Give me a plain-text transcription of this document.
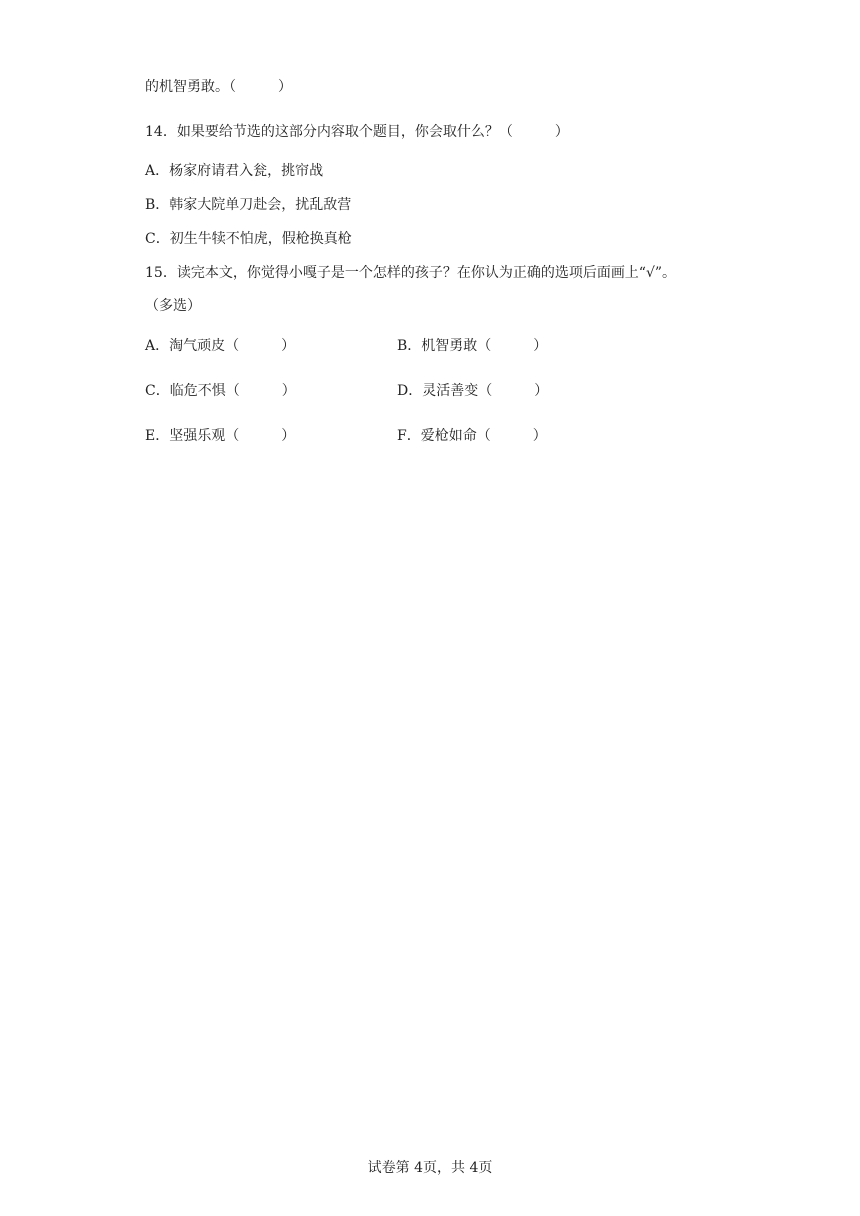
的机智勇敢。（　　　）
14．如果要给节选的这部分内容取个题目，你会取什么？（　　　）
A．杨家府请君入瓮，挑帘战
B．韩家大院单刀赴会，扰乱敌营
C．初生牛犊不怕虎，假枪换真枪
15．读完本文，你觉得小嘎子是一个怎样的孩子？在你认为正确的选项后面画上“√”。
（多选）
A．淘气顽皮（　　　）	B．机智勇敢（　　　）
C．临危不惧（　　　）	D．灵活善变（　　　）
E．坚强乐观（　　　）	F．爱枪如命（　　　）
试卷第 4页，共 4页
